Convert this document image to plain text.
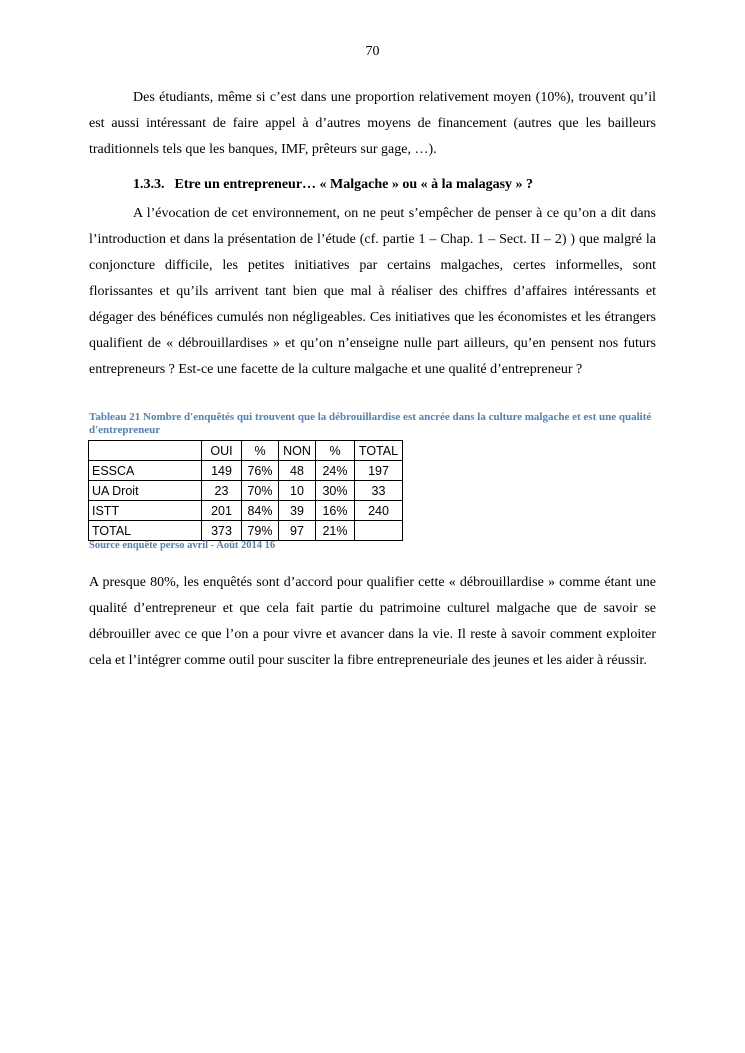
70

Des étudiants, même si c’est dans une proportion relativement moyen (10%), trouvent qu’il est aussi intéressant de faire appel à d’autres moyens de financement (autres que les bailleurs traditionnels tels que les banques, IMF, prêteurs sur gage, …).

1.3.3. Etre un entrepreneur… « Malgache » ou « à la malagasy » ?

A l’évocation de cet environnement, on ne peut s’empêcher de penser à ce qu’on a dit dans l’introduction et dans la présentation de l’étude (cf. partie 1 – Chap. 1 – Sect. II – 2) ) que malgré la conjoncture difficile, les petites initiatives par certains malgaches, certes informelles, sont florissantes et qu’ils arrivent tant bien que mal à réaliser des chiffres d’affaires intéressants et dégager des bénéfices cumulés non négligeables. Ces initiatives que les économistes et les étrangers qualifient de « débrouillardises » et qu’on n’enseigne nulle part ailleurs, qu’en pensent nos futurs entrepreneurs ? Est-ce une facette de la culture malgache et une qualité d’entrepreneur ?

Tableau 21 Nombre d'enquêtés qui trouvent que la débrouillardise est ancrée dans la culture malgache et est une qualité d'entrepreneur
	OUI	%	NON	%	TOTAL
ESSCA	149	76%	48	24%	197
UA Droit	23	70%	10	30%	33
ISTT	201	84%	39	16%	240
TOTAL	373	79%	97	21%	
Source enquête perso avril - Août 2014 16

A presque 80%, les enquêtés sont d’accord pour qualifier cette « débrouillardise » comme étant une qualité d’entrepreneur et que cela fait partie du patrimoine culturel malgache que de savoir se débrouiller avec ce que l’on a pour vivre et avancer dans la vie. Il reste à savoir comment exploiter cela et l’intégrer comme outil pour susciter la fibre entrepreneuriale des jeunes et les aider à réussir.
